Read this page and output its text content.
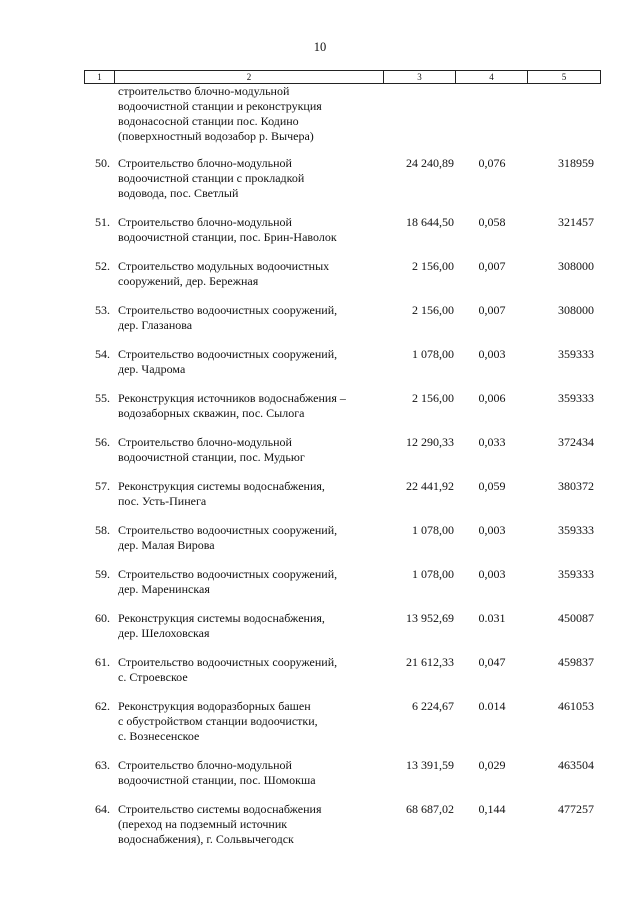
10
1	2	3	4	5
строительство блочно-модульной
водоочистной станции и реконструкция
водонасосной станции пос. Кодино
(поверхностный водозабор р. Вычера)
50. Строительство блочно-модульной
водоочистной станции с прокладкой
водовода, пос. Светлый
24 240,89	0,076	318959
51. Строительство блочно-модульной
водоочистной станции, пос. Брин-Наволок
18 644,50	0,058	321457
52. Строительство модульных водоочистных
сооружений, дер. Бережная
2 156,00	0,007	308000
53. Строительство водоочистных сооружений,
дер. Глазанова
2 156,00	0,007	308000
54. Строительство водоочистных сооружений,
дер. Чадрома
1 078,00	0,003	359333
55. Реконструкция источников водоснабжения –
водозаборных скважин, пос. Сылога
2 156,00	0,006	359333
56. Строительство блочно-модульной
водоочистной станции, пос. Мудьюг
12 290,33	0,033	372434
57. Реконструкция системы водоснабжения,
пос. Усть-Пинега
22 441,92	0,059	380372
58. Строительство водоочистных сооружений,
дер. Малая Вирова
1 078,00	0,003	359333
59. Строительство водоочистных сооружений,
дер. Маренинская
1 078,00	0,003	359333
60. Реконструкция системы водоснабжения,
дер. Шелоховская
13 952,69	0.031	450087
61. Строительство водоочистных сооружений,
с. Строевское
21 612,33	0,047	459837
62. Реконструкция водоразборных башен
с обустройством станции водоочистки,
с. Вознесенское
6 224,67	0.014	461053
63. Строительство блочно-модульной
водоочистной станции, пос. Шомокша
13 391,59	0,029	463504
64. Строительство системы водоснабжения
(переход на подземный источник
водоснабжения), г. Сольвычегодск
68 687,02	0,144	477257
